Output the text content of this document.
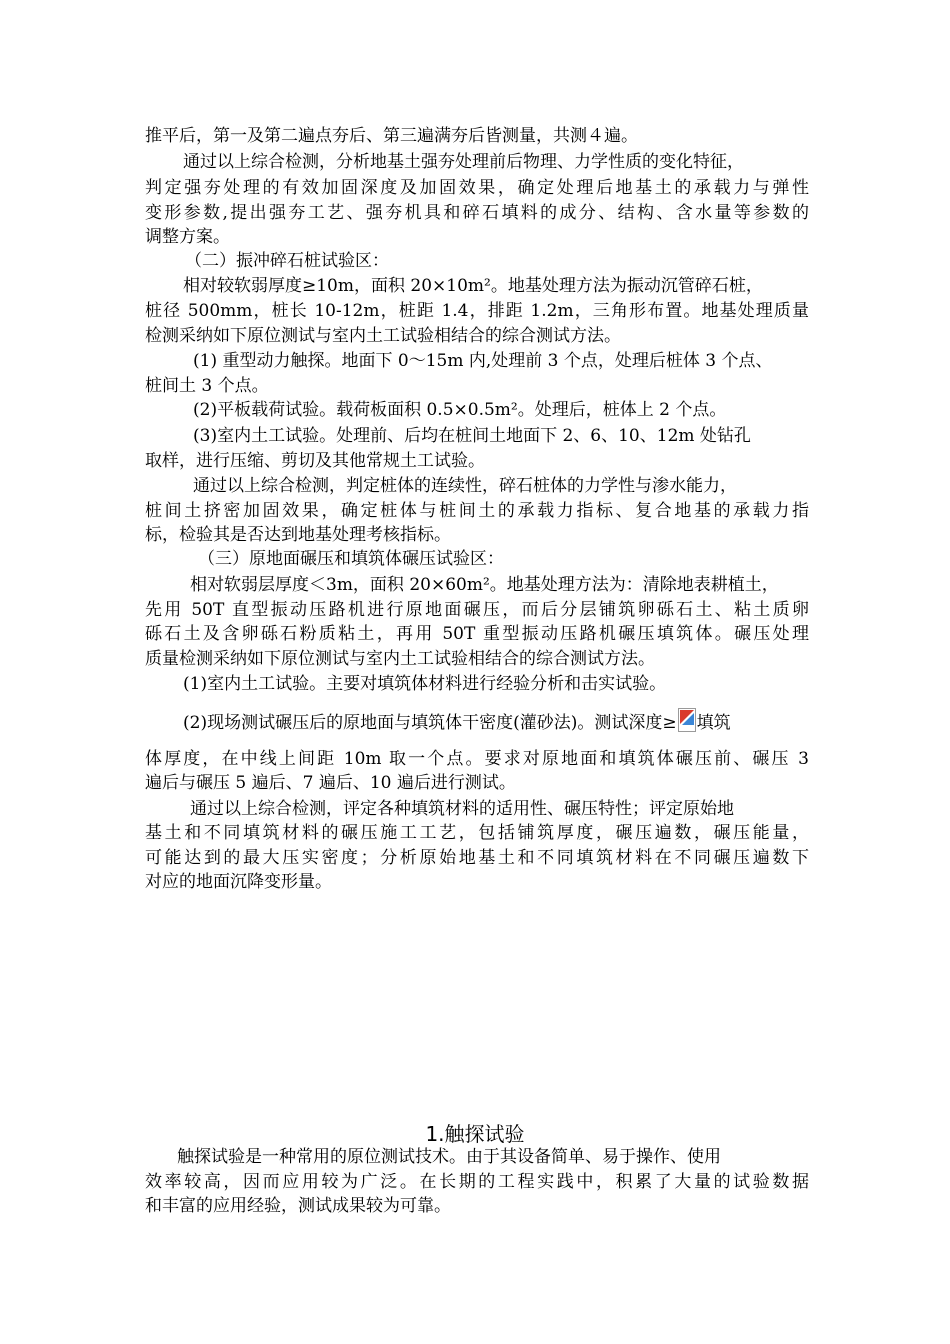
推平后，第一及第二遍点夯后、第三遍满夯后皆测量，共测４遍。
通过以上综合检测，分析地基土强夯处理前后物理、力学性质的变化特征，
判定强夯处理的有效加固深度及加固效果，确定处理后地基土的承载力与弹性
变形参数,提出强夯工艺、强夯机具和碎石填料的成分、结构、含水量等参数的
调整方案。
（二）振冲碎石桩试验区：
相对较软弱厚度≥10m，面积 20×10m²。地基处理方法为振动沉管碎石桩，
桩径 500mm，桩长 10-12m，桩距 1.4，排距 1.2m，三角形布置。地基处理质量
检测采纳如下原位测试与室内土工试验相结合的综合测试方法。
(1) 重型动力触探。地面下 0～15m 内,处理前 3 个点，处理后桩体 3 个点、
桩间土 3 个点。
(2)平板载荷试验。载荷板面积 0.5×0.5m²。处理后，桩体上 2 个点。
(3)室内土工试验。处理前、后均在桩间土地面下 2、6、10、12m 处钻孔
取样，进行压缩、剪切及其他常规土工试验。
通过以上综合检测，判定桩体的连续性，碎石桩体的力学性与渗水能力，
桩间土挤密加固效果，确定桩体与桩间土的承载力指标、复合地基的承载力指
标，检验其是否达到地基处理考核指标。
（三）原地面碾压和填筑体碾压试验区：
相对软弱层厚度＜3m，面积 20×60m²。地基处理方法为：清除地表耕植土，
先用 50T 直型振动压路机进行原地面碾压，而后分层铺筑卵砾石土、粘土质卵
砾石土及含卵砾石粉质粘土，再用 50T 重型振动压路机碾压填筑体。碾压处理
质量检测采纳如下原位测试与室内土工试验相结合的综合测试方法。
(1)室内土工试验。主要对填筑体材料进行经验分析和击实试验。
(2)现场测试碾压后的原地面与填筑体干密度(灌砂法)。测试深度≥ 填筑
体厚度，在中线上间距 10m 取一个点。要求对原地面和填筑体碾压前、碾压 3
遍后与碾压 5 遍后、7 遍后、10 遍后进行测试。
通过以上综合检测，评定各种填筑材料的适用性、碾压特性；评定原始地
基土和不同填筑材料的碾压施工工艺，包括铺筑厚度，碾压遍数，碾压能量，
可能达到的最大压实密度；分析原始地基土和不同填筑材料在不同碾压遍数下
对应的地面沉降变形量。
1.触探试验
触探试验是一种常用的原位测试技术。由于其设备简单、易于操作、使用
效率较高，因而应用较为广泛。在长期的工程实践中，积累了大量的试验数据
和丰富的应用经验，测试成果较为可靠。
